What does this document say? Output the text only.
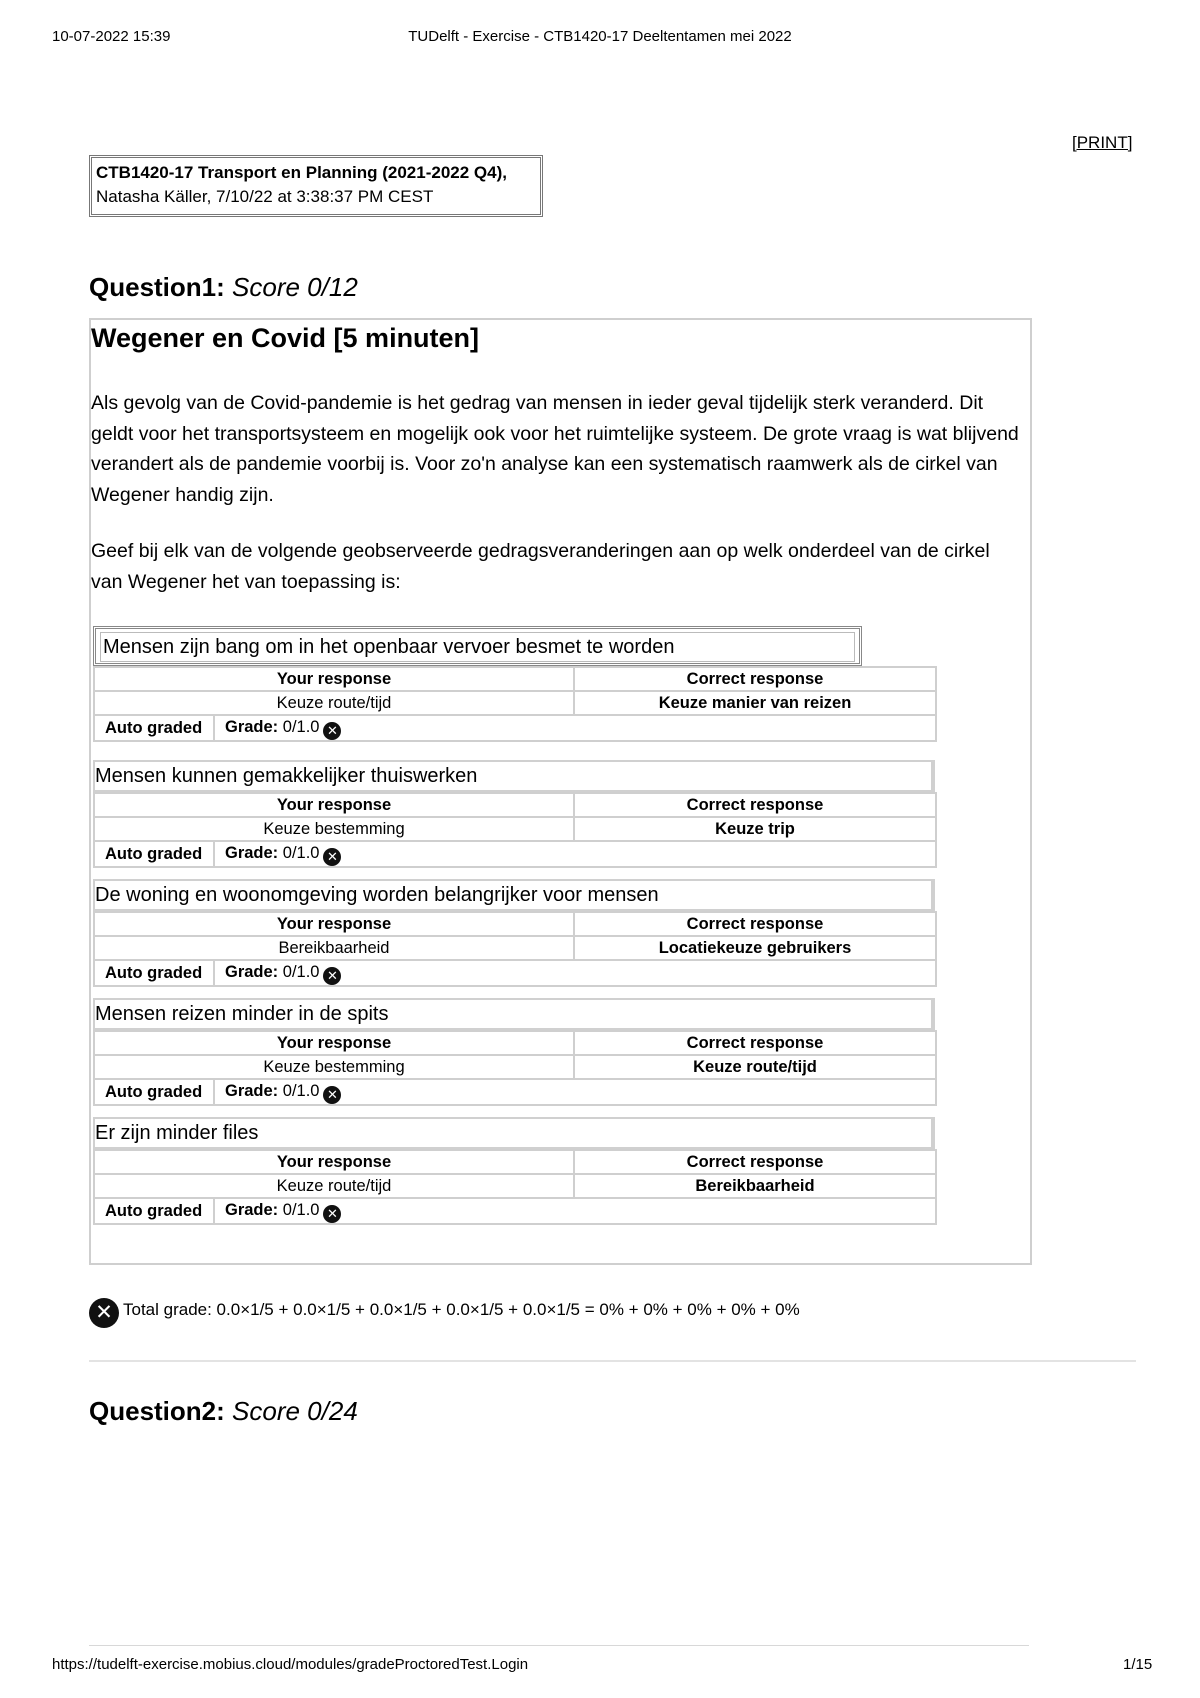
10-07-2022 15:39	TUDelft - Exercise - CTB1420-17 Deeltentamen mei 2022
[PRINT]
CTB1420-17 Transport en Planning (2021-2022 Q4),
Natasha Käller, 7/10/22 at 3:38:37 PM CEST
Question1: Score 0/12
Wegener en Covid [5 minuten]
Als gevolg van de Covid-pandemie is het gedrag van mensen in ieder geval tijdelijk sterk veranderd. Dit geldt voor het transportsysteem en mogelijk ook voor het ruimtelijke systeem. De grote vraag is wat blijvend verandert als de pandemie voorbij is. Voor zo'n analyse kan een systematisch raamwerk als de cirkel van Wegener handig zijn.
Geef bij elk van de volgende geobserveerde gedragsveranderingen aan op welk onderdeel van de cirkel van Wegener het van toepassing is:
Mensen zijn bang om in het openbaar vervoer besmet te worden
Your response		Correct response
Keuze route/tijd		Keuze manier van reizen
Auto graded	Grade: 0/1.0 ✕	
Mensen kunnen gemakkelijker thuiswerken
Your response		Correct response
Keuze bestemming		Keuze trip
Auto graded	Grade: 0/1.0 ✕	
De woning en woonomgeving worden belangrijker voor mensen
Your response		Correct response
Bereikbaarheid		Locatiekeuze gebruikers
Auto graded	Grade: 0/1.0 ✕	
Mensen reizen minder in de spits
Your response		Correct response
Keuze bestemming		Keuze route/tijd
Auto graded	Grade: 0/1.0 ✕	
Er zijn minder files
Your response		Correct response
Keuze route/tijd		Bereikbaarheid
Auto graded	Grade: 0/1.0 ✕	
✕ Total grade: 0.0×1/5 + 0.0×1/5 + 0.0×1/5 + 0.0×1/5 + 0.0×1/5 = 0% + 0% + 0% + 0% + 0%
Question2: Score 0/24
https://tudelft-exercise.mobius.cloud/modules/gradeProctoredTest.Login	1/15
